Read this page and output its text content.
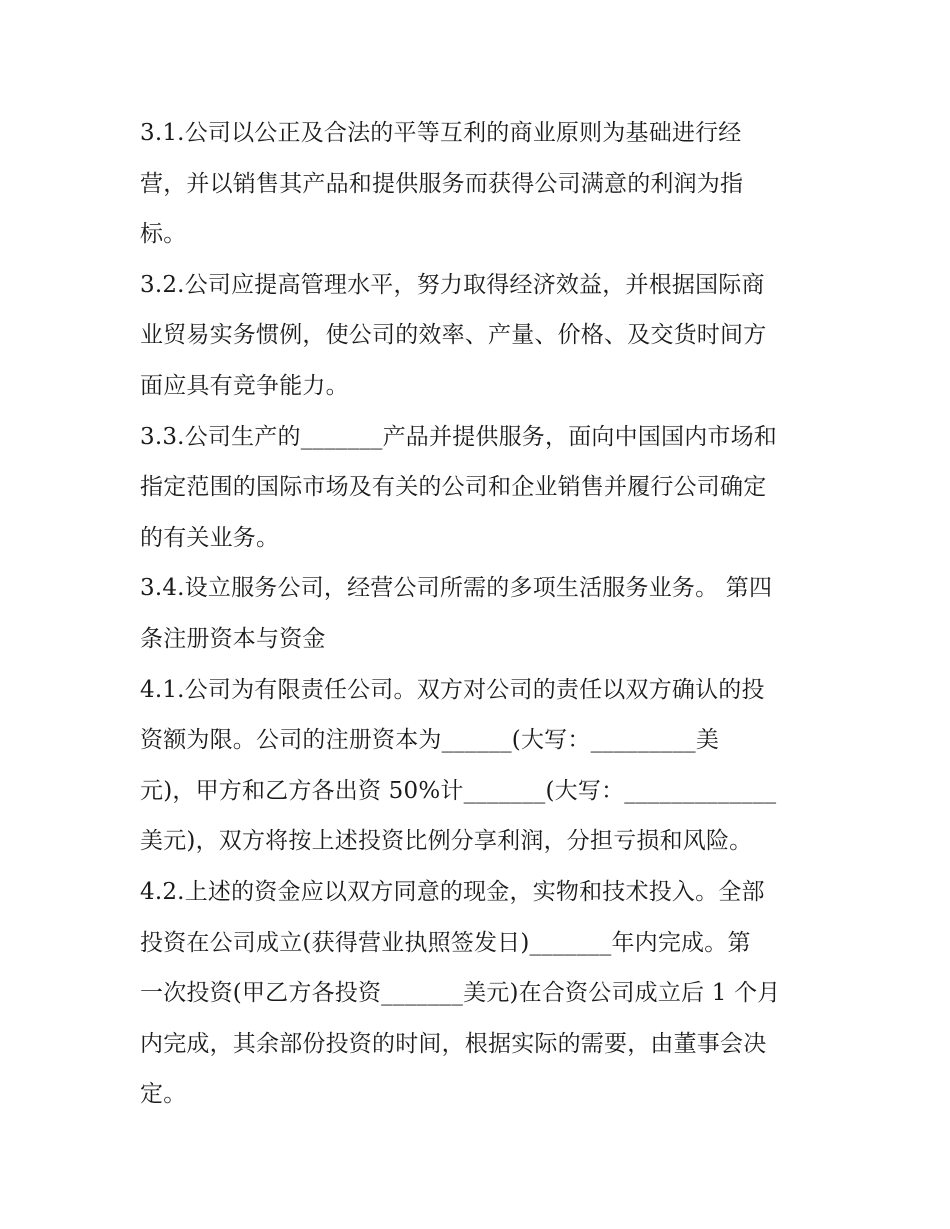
3.1.公司以公正及合法的平等互利的商业原则为基础进行经
营，并以销售其产品和提供服务而获得公司满意的利润为指
标。

3.2.公司应提高管理水平，努力取得经济效益，并根据国际商
业贸易实务惯例，使公司的效率、产量、价格、及交货时间方
面应具有竞争能力。

3.3.公司生产的_______产品并提供服务，面向中国国内市场和
指定范围的国际市场及有关的公司和企业销售并履行公司确定
的有关业务。

3.4.设立服务公司，经营公司所需的多项生活服务业务。 第四
条注册资本与资金

4.1.公司为有限责任公司。双方对公司的责任以双方确认的投
资额为限。公司的注册资本为______(大写：_________美
元)，甲方和乙方各出资 50%计_______(大写：_____________
美元)，双方将按上述投资比例分享利润，分担亏损和风险。

4.2.上述的资金应以双方同意的现金，实物和技术投入。全部
投资在公司成立(获得营业执照签发日)_______年内完成。第
一次投资(甲乙方各投资_______美元)在合资公司成立后 1 个月
内完成，其余部份投资的时间，根据实际的需要，由董事会决
定。
